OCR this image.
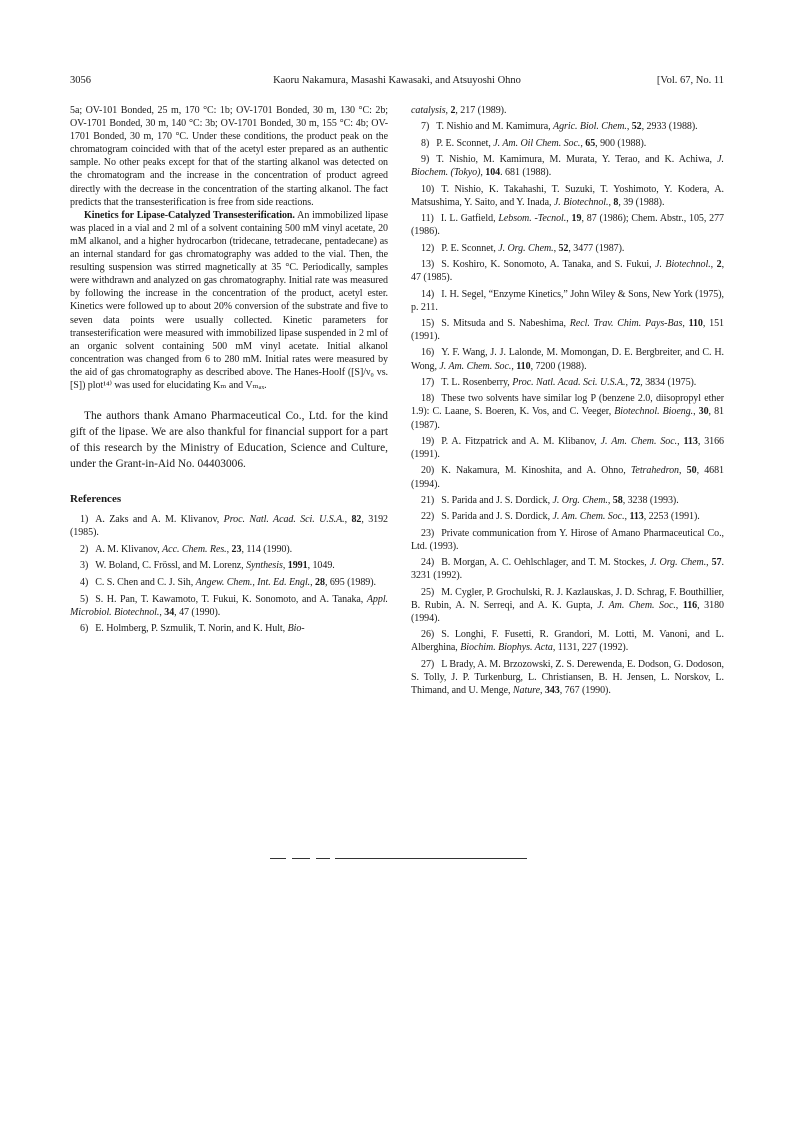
3056	Kaoru Nakamura, Masashi Kawasaki, and Atsuyoshi Ohno	[Vol. 67, No. 11

5a; OV-101 Bonded, 25 m, 170 °C: 1b; OV-1701 Bonded, 30 m, 130 °C: 2b; OV-1701 Bonded, 30 m, 140 °C: 3b; OV-1701 Bonded, 30 m, 155 °C: 4b; OV-1701 Bonded, 30 m, 170 °C. Under these conditions, the product peak on the chromatogram coincided with that of the acetyl ester prepared as an authentic sample. No other peaks except for that of the starting alkanol was detected on the chromatogram and the increase in the concentration of product agreed directly with the decrease in the concentration of the starting alkanol. The fact predicts that the transesterification is free from side reactions.

Kinetics for Lipase-Catalyzed Transesterification. An immobilized lipase was placed in a vial and 2 ml of a solvent containing 500 mM vinyl acetate, 20 mM alkanol, and a higher hydrocarbon (tridecane, tetradecane, pentadecane) as an internal standard for gas chromatography was added to the vial. Then, the resulting suspension was stirred magnetically at 35 °C. Periodically, samples were withdrawn and analyzed on gas chromatography. Initial rate was measured by following the increase in the concentration of the product, acetyl ester. Kinetics were followed up to about 20% conversion of the substrate and five to seven data points were usually collected. Kinetic parameters for transesterification were measured with immobilized lipase suspended in 2 ml of an organic solvent containing 500 mM vinyl acetate. Initial alkanol concentration was changed from 6 to 280 mM. Initial rates were measured by the aid of gas chromatography as described above. The Hanes-Hoolf ([S]/ν₀ vs. [S]) plot¹⁴⁾ was used for elucidating Kₘ and Vₘₐₓ.

The authors thank Amano Pharmaceutical Co., Ltd. for the kind gift of the lipase. We are also thankful for financial support for a part of this research by the Ministry of Education, Science and Culture, under the Grant-in-Aid No. 04403006.

References

1) A. Zaks and A. M. Klivanov, Proc. Natl. Acad. Sci. U.S.A., 82, 3192 (1985).

2) A. M. Klivanov, Acc. Chem. Res., 23, 114 (1990).

3) W. Boland, C. Frössl, and M. Lorenz, Synthesis, 1991, 1049.

4) C. S. Chen and C. J. Sih, Angew. Chem., Int. Ed. Engl., 28, 695 (1989).

5) S. H. Pan, T. Kawamoto, T. Fukui, K. Sonomoto, and A. Tanaka, Appl. Microbiol. Biotechnol., 34, 47 (1990).

6) E. Holmberg, P. Szmulik, T. Norin, and K. Hult, Bio-

catalysis, 2, 217 (1989).

7) T. Nishio and M. Kamimura, Agric. Biol. Chem., 52, 2933 (1988).

8) P. E. Sconnet, J. Am. Oil Chem. Soc., 65, 900 (1988).

9) T. Nishio, M. Kamimura, M. Murata, Y. Terao, and K. Achiwa, J. Biochem. (Tokyo), 104. 681 (1988).

10) T. Nishio, K. Takahashi, T. Suzuki, T. Yoshimoto, Y. Kodera, A. Matsushima, Y. Saito, and Y. Inada, J. Biotechnol., 8, 39 (1988).

11) I. L. Gatfield, Lebsom. -Tecnol., 19, 87 (1986); Chem. Abstr., 105, 277 (1986).

12) P. E. Sconnet, J. Org. Chem., 52, 3477 (1987).

13) S. Koshiro, K. Sonomoto, A. Tanaka, and S. Fukui, J. Biotechnol., 2, 47 (1985).

14) I. H. Segel, “Enzyme Kinetics,” John Wiley & Sons, New York (1975), p. 211.

15) S. Mitsuda and S. Nabeshima, Recl. Trav. Chim. Pays-Bas, 110, 151 (1991).

16) Y. F. Wang, J. J. Lalonde, M. Momongan, D. E. Bergbreiter, and C. H. Wong, J. Am. Chem. Soc., 110, 7200 (1988).

17) T. L. Rosenberry, Proc. Natl. Acad. Sci. U.S.A., 72, 3834 (1975).

18) These two solvents have similar log P (benzene 2.0, diisopropyl ether 1.9): C. Laane, S. Boeren, K. Vos, and C. Veeger, Biotechnol. Bioeng., 30, 81 (1987).

19) P. A. Fitzpatrick and A. M. Klibanov, J. Am. Chem. Soc., 113, 3166 (1991).

20) K. Nakamura, M. Kinoshita, and A. Ohno, Tetrahedron, 50, 4681 (1994).

21) S. Parida and J. S. Dordick, J. Org. Chem., 58, 3238 (1993).

22) S. Parida and J. S. Dordick, J. Am. Chem. Soc., 113, 2253 (1991).

23) Private communication from Y. Hirose of Amano Pharmaceutical Co., Ltd. (1993).

24) B. Morgan, A. C. Oehlschlager, and T. M. Stockes, J. Org. Chem., 57. 3231 (1992).

25) M. Cygler, P. Grochulski, R. J. Kazlauskas, J. D. Schrag, F. Bouthillier, B. Rubin, A. N. Serreqi, and A. K. Gupta, J. Am. Chem. Soc., 116, 3180 (1994).

26) S. Longhi, F. Fusetti, R. Grandori, M. Lotti, M. Vanoni, and L. Alberghina, Biochim. Biophys. Acta, 1131, 227 (1992).

27) L Brady, A. M. Brzozowski, Z. S. Derewenda, E. Dodson, G. Dodoson, S. Tolly, J. P. Turkenburg, L. Christiansen, B. H. Jensen, L. Norskov, L. Thimand, and U. Menge, Nature, 343, 767 (1990).
